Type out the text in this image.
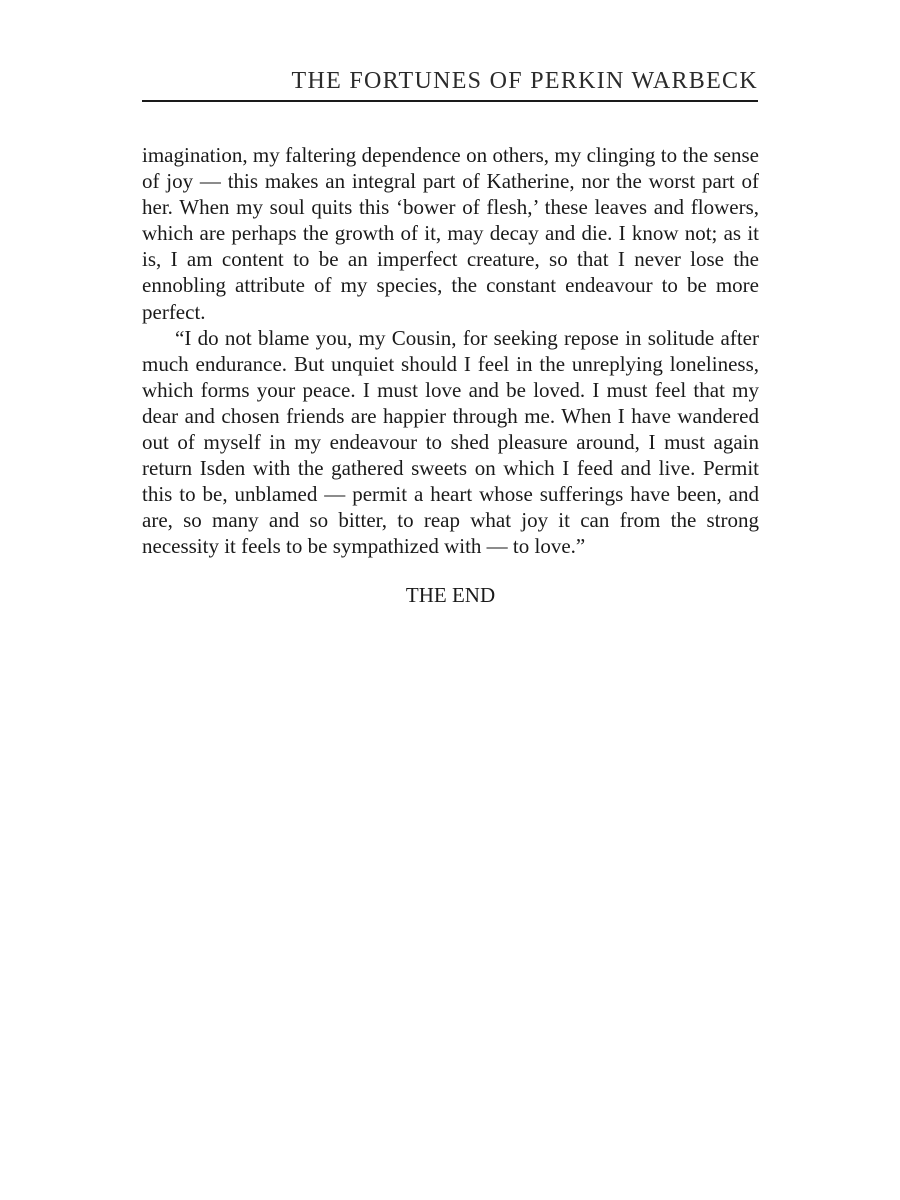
THE FORTUNES OF PERKIN WARBECK

imagination, my faltering dependence on others, my clinging to the sense of joy — this makes an integral part of Katherine, nor the worst part of her. When my soul quits this ‘bower of flesh,’ these leaves and flowers, which are perhaps the growth of it, may decay and die. I know not; as it is, I am content to be an imperfect creature, so that I never lose the ennobling attribute of my species, the constant endeavour to be more perfect.

“I do not blame you, my Cousin, for seeking repose in solitude after much endurance. But unquiet should I feel in the unreplying loneliness, which forms your peace. I must love and be loved. I must feel that my dear and chosen friends are happier through me. When I have wandered out of myself in my endeavour to shed pleasure around, I must again return Isden with the gathered sweets on which I feed and live. Permit this to be, unblamed — permit a heart whose sufferings have been, and are, so many and so bitter, to reap what joy it can from the strong necessity it feels to be sympathized with — to love.”

THE END
